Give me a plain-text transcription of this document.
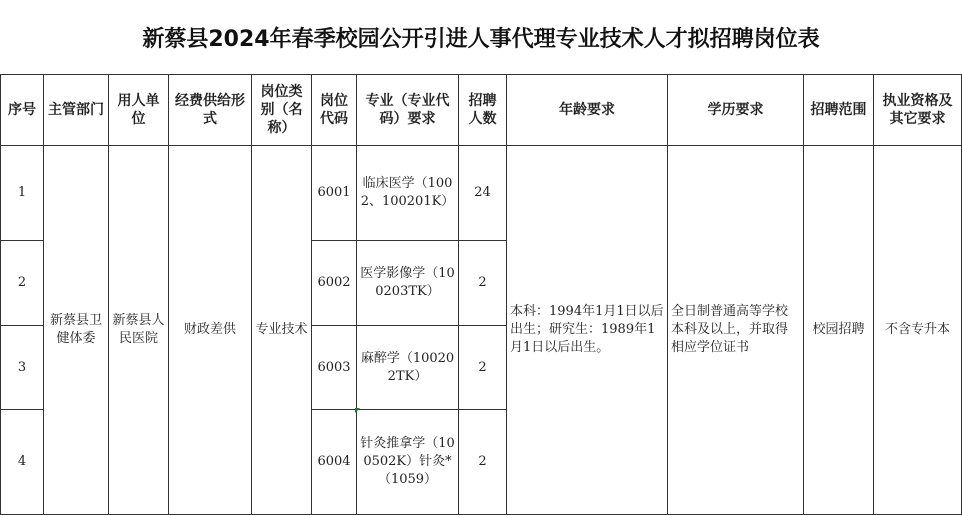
新蔡县2024年春季校园公开引进人事代理专业技术人才拟招聘岗位表
序号	主管部门	用人单位	经费供给形式	岗位类别（名称）	岗位代码	专业（专业代码）要求	招聘人数	年龄要求	学历要求	招聘范围	执业资格及其它要求
1	新蔡县卫健体委	新蔡县人民医院	财政差供	专业技术	6001	临床医学（1002、100201K）	24	本科：1994年1月1日以后出生；研究生：1989年1月1日以后出生。	全日制普通高等学校本科及以上，并取得相应学位证书	校园招聘	不含专升本
2					6002	医学影像学（100203TK）	2				
3					6003	麻醉学（100202TK）	2				
4					6004	针灸推拿学（100502K）针灸*（1059）	2				
